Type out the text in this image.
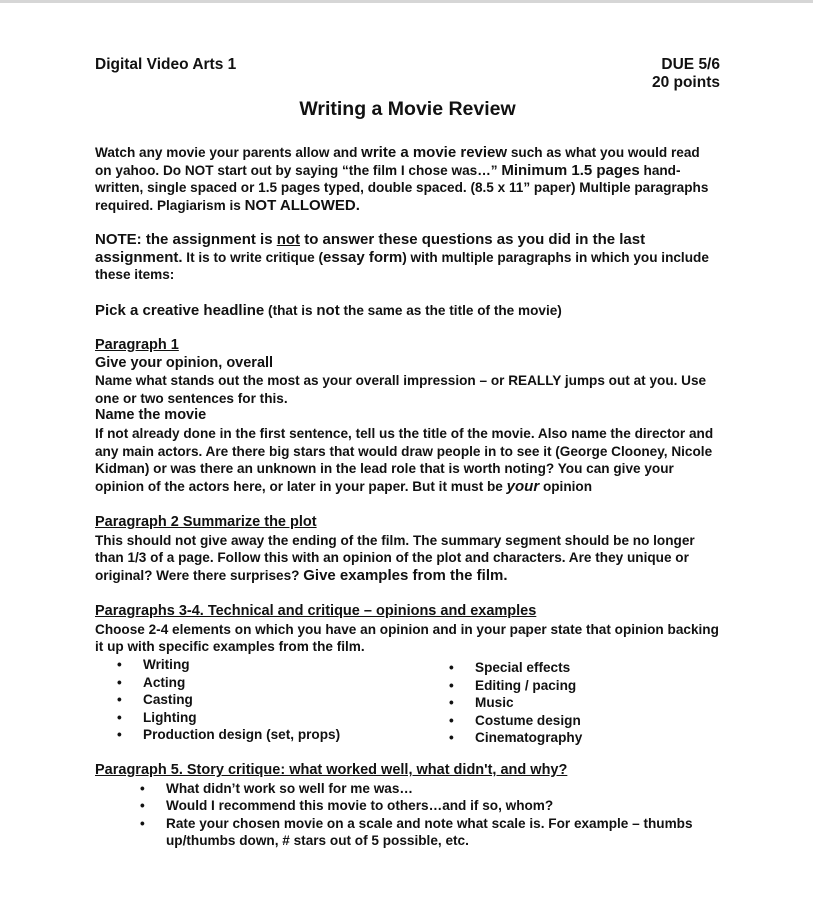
Digital Video Arts 1	DUE 5/6
20 points
Writing a Movie Review
Watch any movie your parents allow and write a movie review such as what you would read on yahoo. Do NOT start out by saying “the film I chose was…” Minimum 1.5 pages hand-written, single spaced or 1.5 pages typed, double spaced. (8.5 x 11” paper) Multiple paragraphs required. Plagiarism is NOT ALLOWED.
NOTE: the assignment is not to answer these questions as you did in the last assignment. It is to write critique (essay form) with multiple paragraphs in which you include these items:
Pick a creative headline (that is not the same as the title of the movie)
Paragraph 1
Give your opinion, overall
Name what stands out the most as your overall impression – or REALLY jumps out at you. Use one or two sentences for this.
Name the movie
If not already done in the first sentence, tell us the title of the movie. Also name the director and any main actors. Are there big stars that would draw people in to see it (George Clooney, Nicole Kidman) or was there an unknown in the lead role that is worth noting? You can give your opinion of the actors here, or later in your paper. But it must be your opinion
Paragraph 2 Summarize the plot
This should not give away the ending of the film. The summary segment should be no longer than 1/3 of a page. Follow this with an opinion of the plot and characters. Are they unique or original? Were there surprises? Give examples from the film.
Paragraphs 3-4. Technical and critique – opinions and examples
Choose 2-4 elements on which you have an opinion and in your paper state that opinion backing it up with specific examples from the film.
• Writing
• Acting
• Casting
• Lighting
• Production design (set, props)
• Special effects
• Editing / pacing
• Music
• Costume design
• Cinematography
Paragraph 5. Story critique: what worked well, what didn't, and why?
• What didn’t work so well for me was…
• Would I recommend this movie to others…and if so, whom?
• Rate your chosen movie on a scale and note what scale is. For example – thumbs up/thumbs down, # stars out of 5 possible, etc.
